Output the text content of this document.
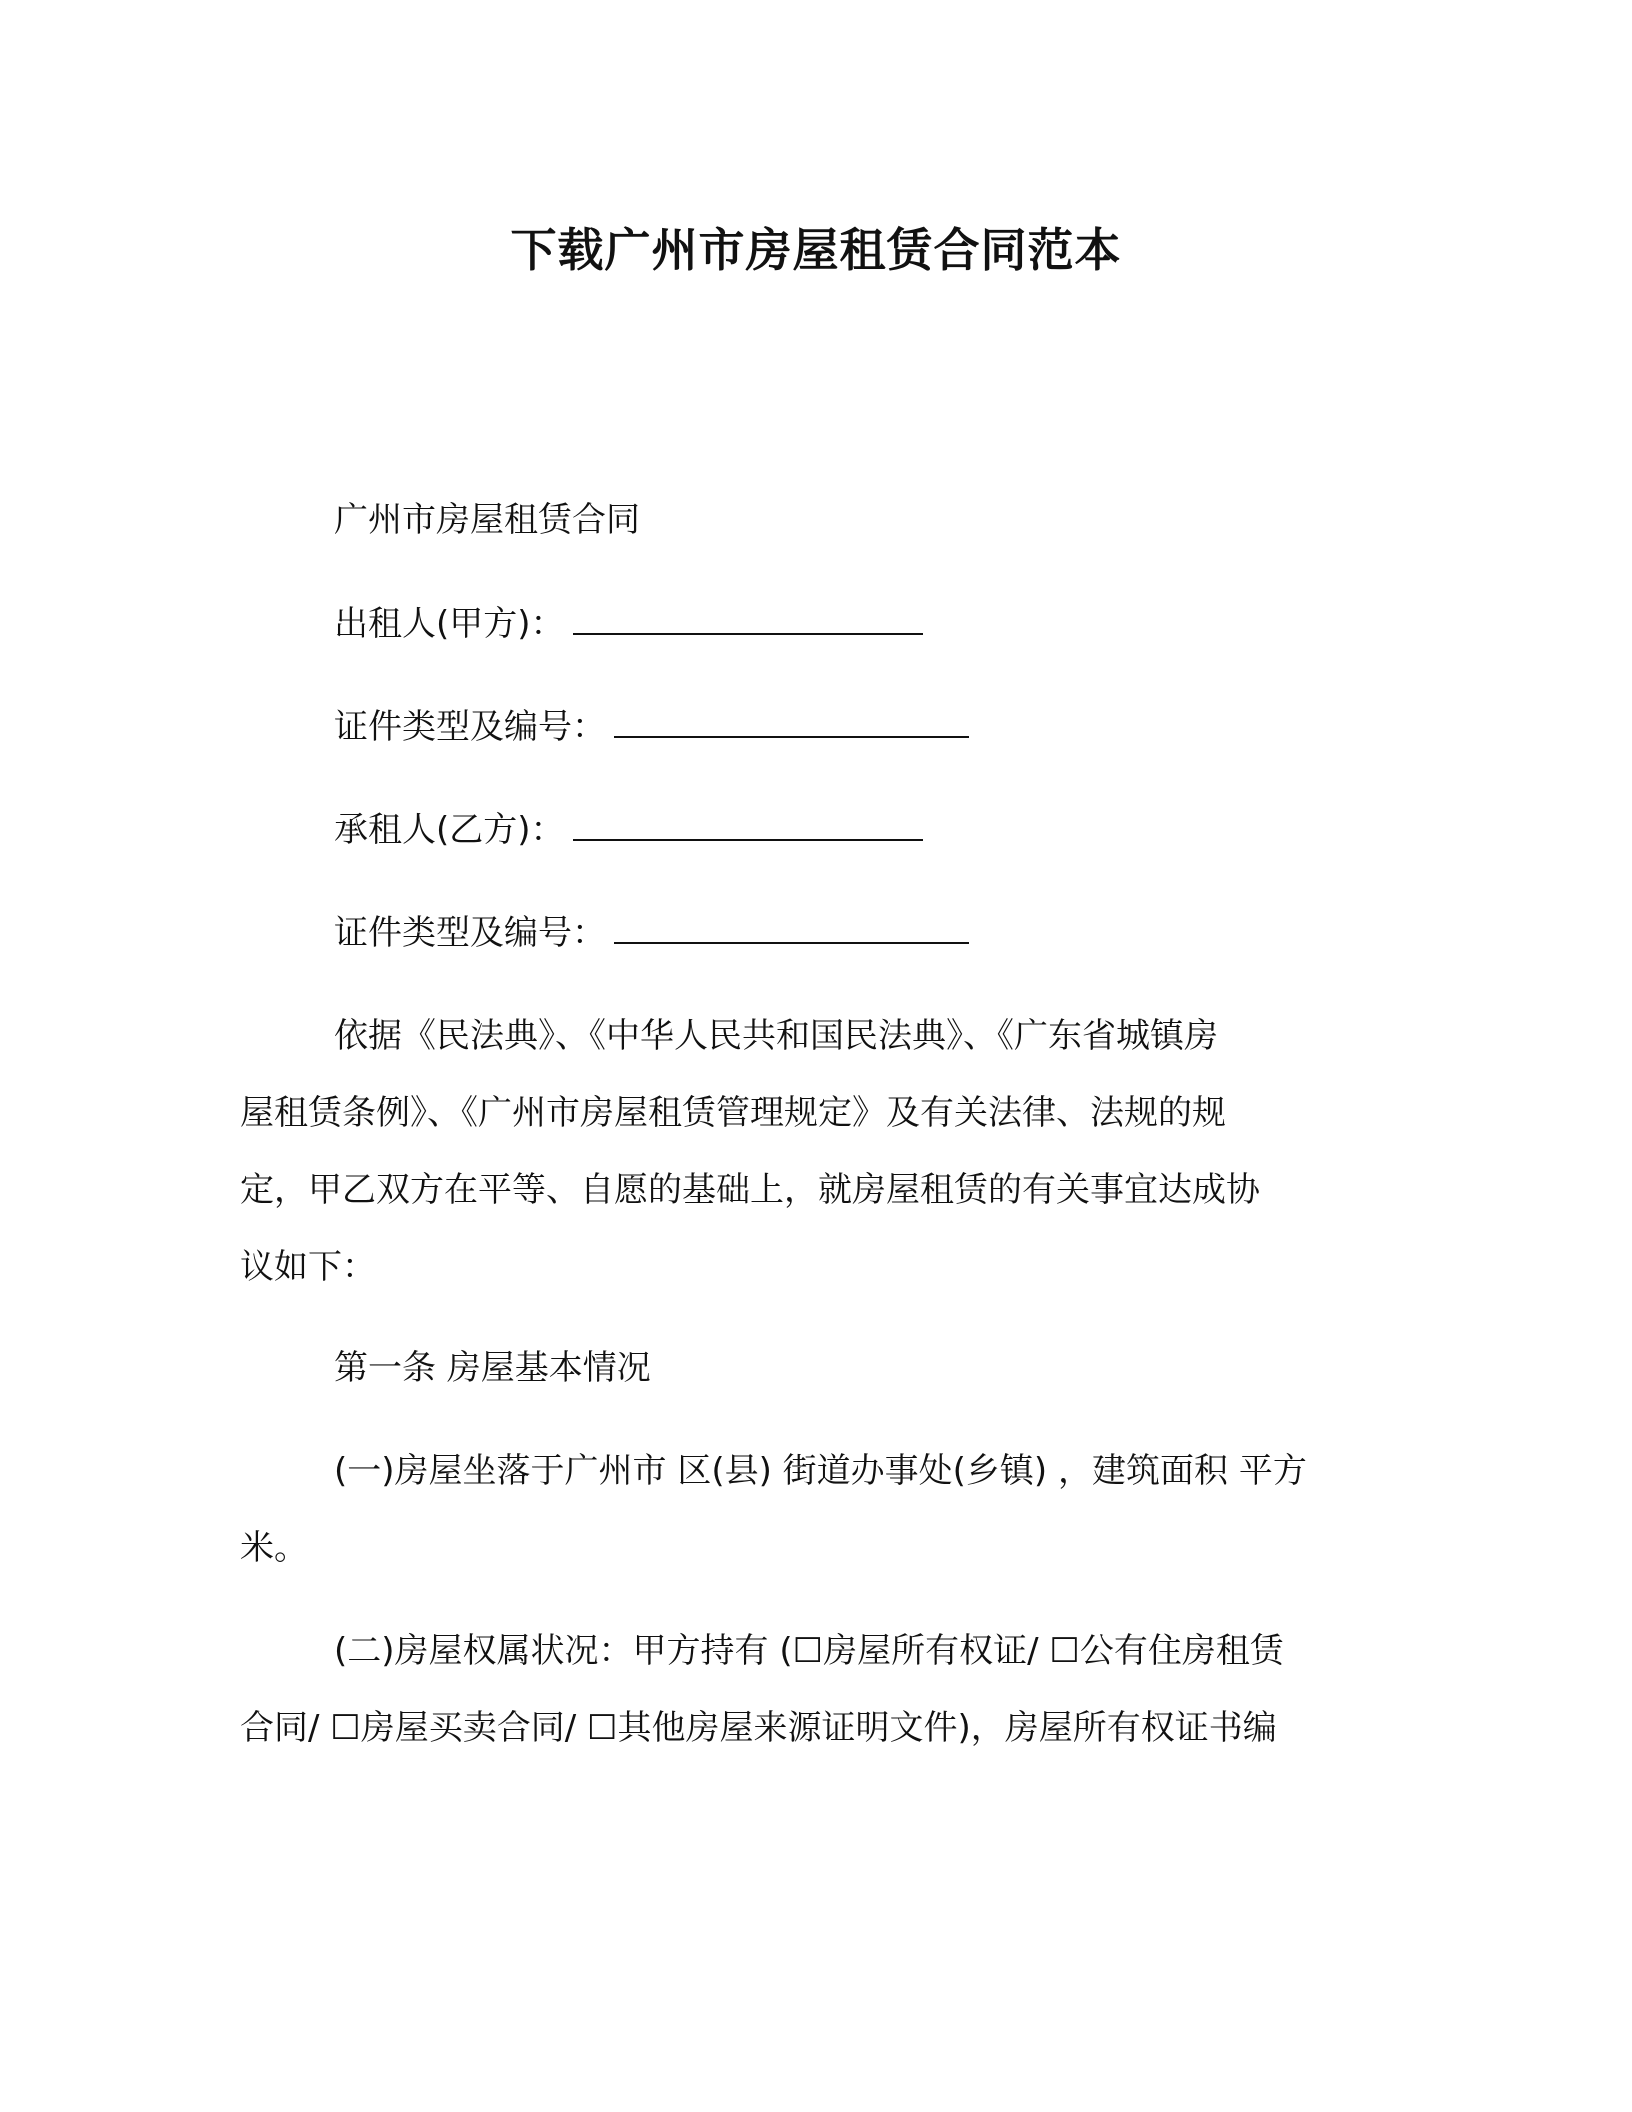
下载广州市房屋租赁合同范本
广州市房屋租赁合同
出租人(甲方)：
证件类型及编号：
承租人(乙方)：
证件类型及编号：
依据《民法典》、《中华人民共和国民法典》、《广东省城镇房
屋租赁条例》、《广州市房屋租赁管理规定》及有关法律、法规的规
定，甲乙双方在平等、自愿的基础上，就房屋租赁的有关事宜达成协
议如下：
第一条 房屋基本情况
(一)房屋坐落于广州市 区(县) 街道办事处(乡镇) ，建筑面积 平方
米。
(二)房屋权属状况：甲方持有 (☐房屋所有权证/ ☐公有住房租赁
合同/ ☐房屋买卖合同/ ☐其他房屋来源证明文件)，房屋所有权证书编
